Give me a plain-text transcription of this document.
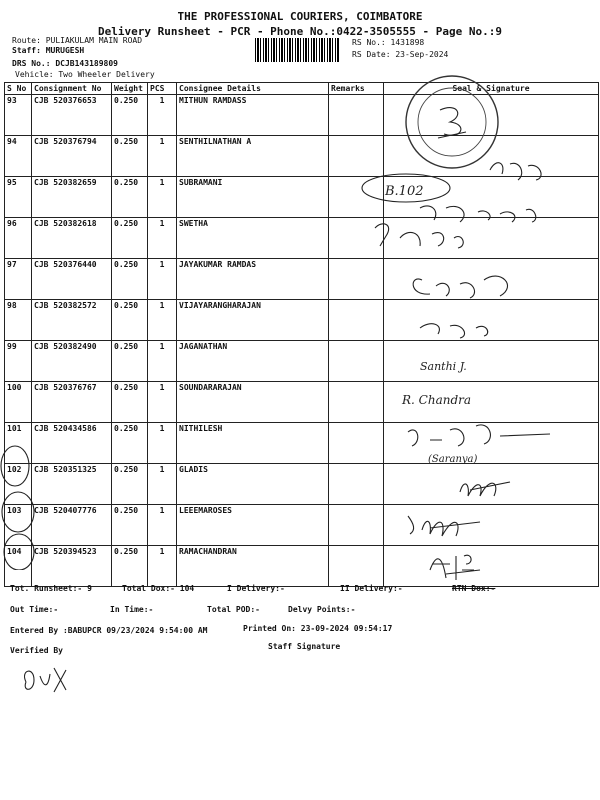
THE PROFESSIONAL COURIERS, COIMBATORE
Delivery Runsheet - PCR - Phone No.:0422-3505555 - Page No.:9
Route: PULIAKULAM MAIN ROAD
Staff: MURUGESH
DRS No.: DCJB143189809
Vehicle: Two Wheeler Delivery
RS No.: 1431898
RS Date: 23-Sep-2024
S No	Consignment No	Weight	PCS	Consignee Details	Remarks	Seal & Signature
93	CJB 520376653	0.250	1	MITHUN RAMDASS		
94	CJB 520376794	0.250	1	SENTHILNATHAN A		
95	CJB 520382659	0.250	1	SUBRAMANI		
96	CJB 520382618	0.250	1	SWETHA		
97	CJB 520376440	0.250	1	JAYAKUMAR RAMDAS		
98	CJB 520382572	0.250	1	VIJAYARANGHARAJAN		
99	CJB 520382490	0.250	1	JAGANATHAN		
100	CJB 520376767	0.250	1	SOUNDARARAJAN		
101	CJB 520434586	0.250	1	NITHILESH		
102	CJB 520351325	0.250	1	GLADIS		
103	CJB 520407776	0.250	1	LEEEMAROSES		
104	CJB 520394523	0.250	1	RAMACHANDRAN		
B.102
Santhi J.
R. Chandra
(Saranya)
Tot. Runsheet:- 9	Total Dox:- 104	I Delivery:-	II Delivery:-	RTN Dox:-
Out Time:-	In Time:-	Total POD:-	Delvy Points:-
Entered By :BABUPCR 09/23/2024 9:54:00 AM	Printed On: 23-09-2024 09:54:17
Verified By	Staff Signature
